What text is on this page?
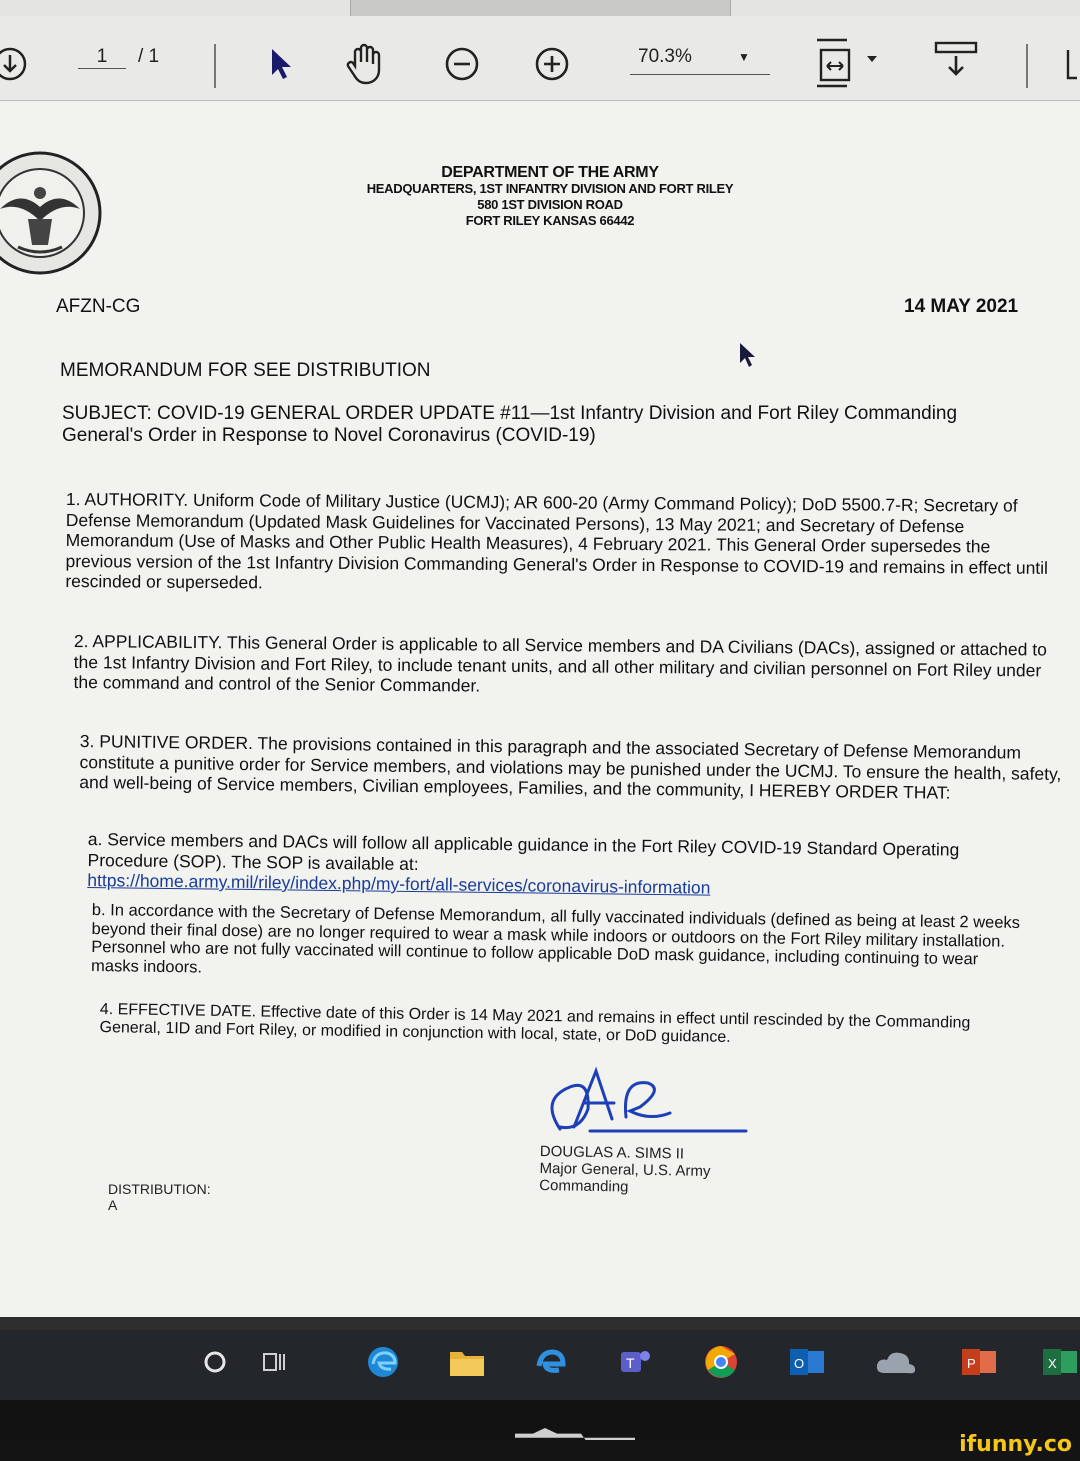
1	/ 1	70.3%	▼
DEPARTMENT OF THE ARMY
HEADQUARTERS, 1ST INFANTRY DIVISION AND FORT RILEY
580 1ST DIVISION ROAD
FORT RILEY KANSAS 66442
AFZN-CG	14 MAY 2021
MEMORANDUM FOR SEE DISTRIBUTION
SUBJECT: COVID-19 GENERAL ORDER UPDATE #11—1st Infantry Division and Fort Riley Commanding General's Order in Response to Novel Coronavirus (COVID-19)
1. AUTHORITY. Uniform Code of Military Justice (UCMJ); AR 600-20 (Army Command Policy); DoD 5500.7-R; Secretary of Defense Memorandum (Updated Mask Guidelines for Vaccinated Persons), 13 May 2021; and Secretary of Defense Memorandum (Use of Masks and Other Public Health Measures), 4 February 2021. This General Order supersedes the previous version of the 1st Infantry Division Commanding General's Order in Response to COVID-19 and remains in effect until rescinded or superseded.
2. APPLICABILITY. This General Order is applicable to all Service members and DA Civilians (DACs), assigned or attached to the 1st Infantry Division and Fort Riley, to include tenant units, and all other military and civilian personnel on Fort Riley under the command and control of the Senior Commander.
3. PUNITIVE ORDER. The provisions contained in this paragraph and the associated Secretary of Defense Memorandum constitute a punitive order for Service members, and violations may be punished under the UCMJ. To ensure the health, safety, and well-being of Service members, Civilian employees, Families, and the community, I HEREBY ORDER THAT:
a. Service members and DACs will follow all applicable guidance in the Fort Riley COVID-19 Standard Operating Procedure (SOP). The SOP is available at:
https://home.army.mil/riley/index.php/my-fort/all-services/coronavirus-information
b. In accordance with the Secretary of Defense Memorandum, all fully vaccinated individuals (defined as being at least 2 weeks beyond their final dose) are no longer required to wear a mask while indoors or outdoors on the Fort Riley military installation. Personnel who are not fully vaccinated will continue to follow applicable DoD mask guidance, including continuing to wear masks indoors.
4. EFFECTIVE DATE. Effective date of this Order is 14 May 2021 and remains in effect until rescinded by the Commanding General, 1ID and Fort Riley, or modified in conjunction with local, state, or DoD guidance.
DOUGLAS A. SIMS II
Major General, U.S. Army
Commanding
DISTRIBUTION:
A
T	O	P	X
ifunny.co
